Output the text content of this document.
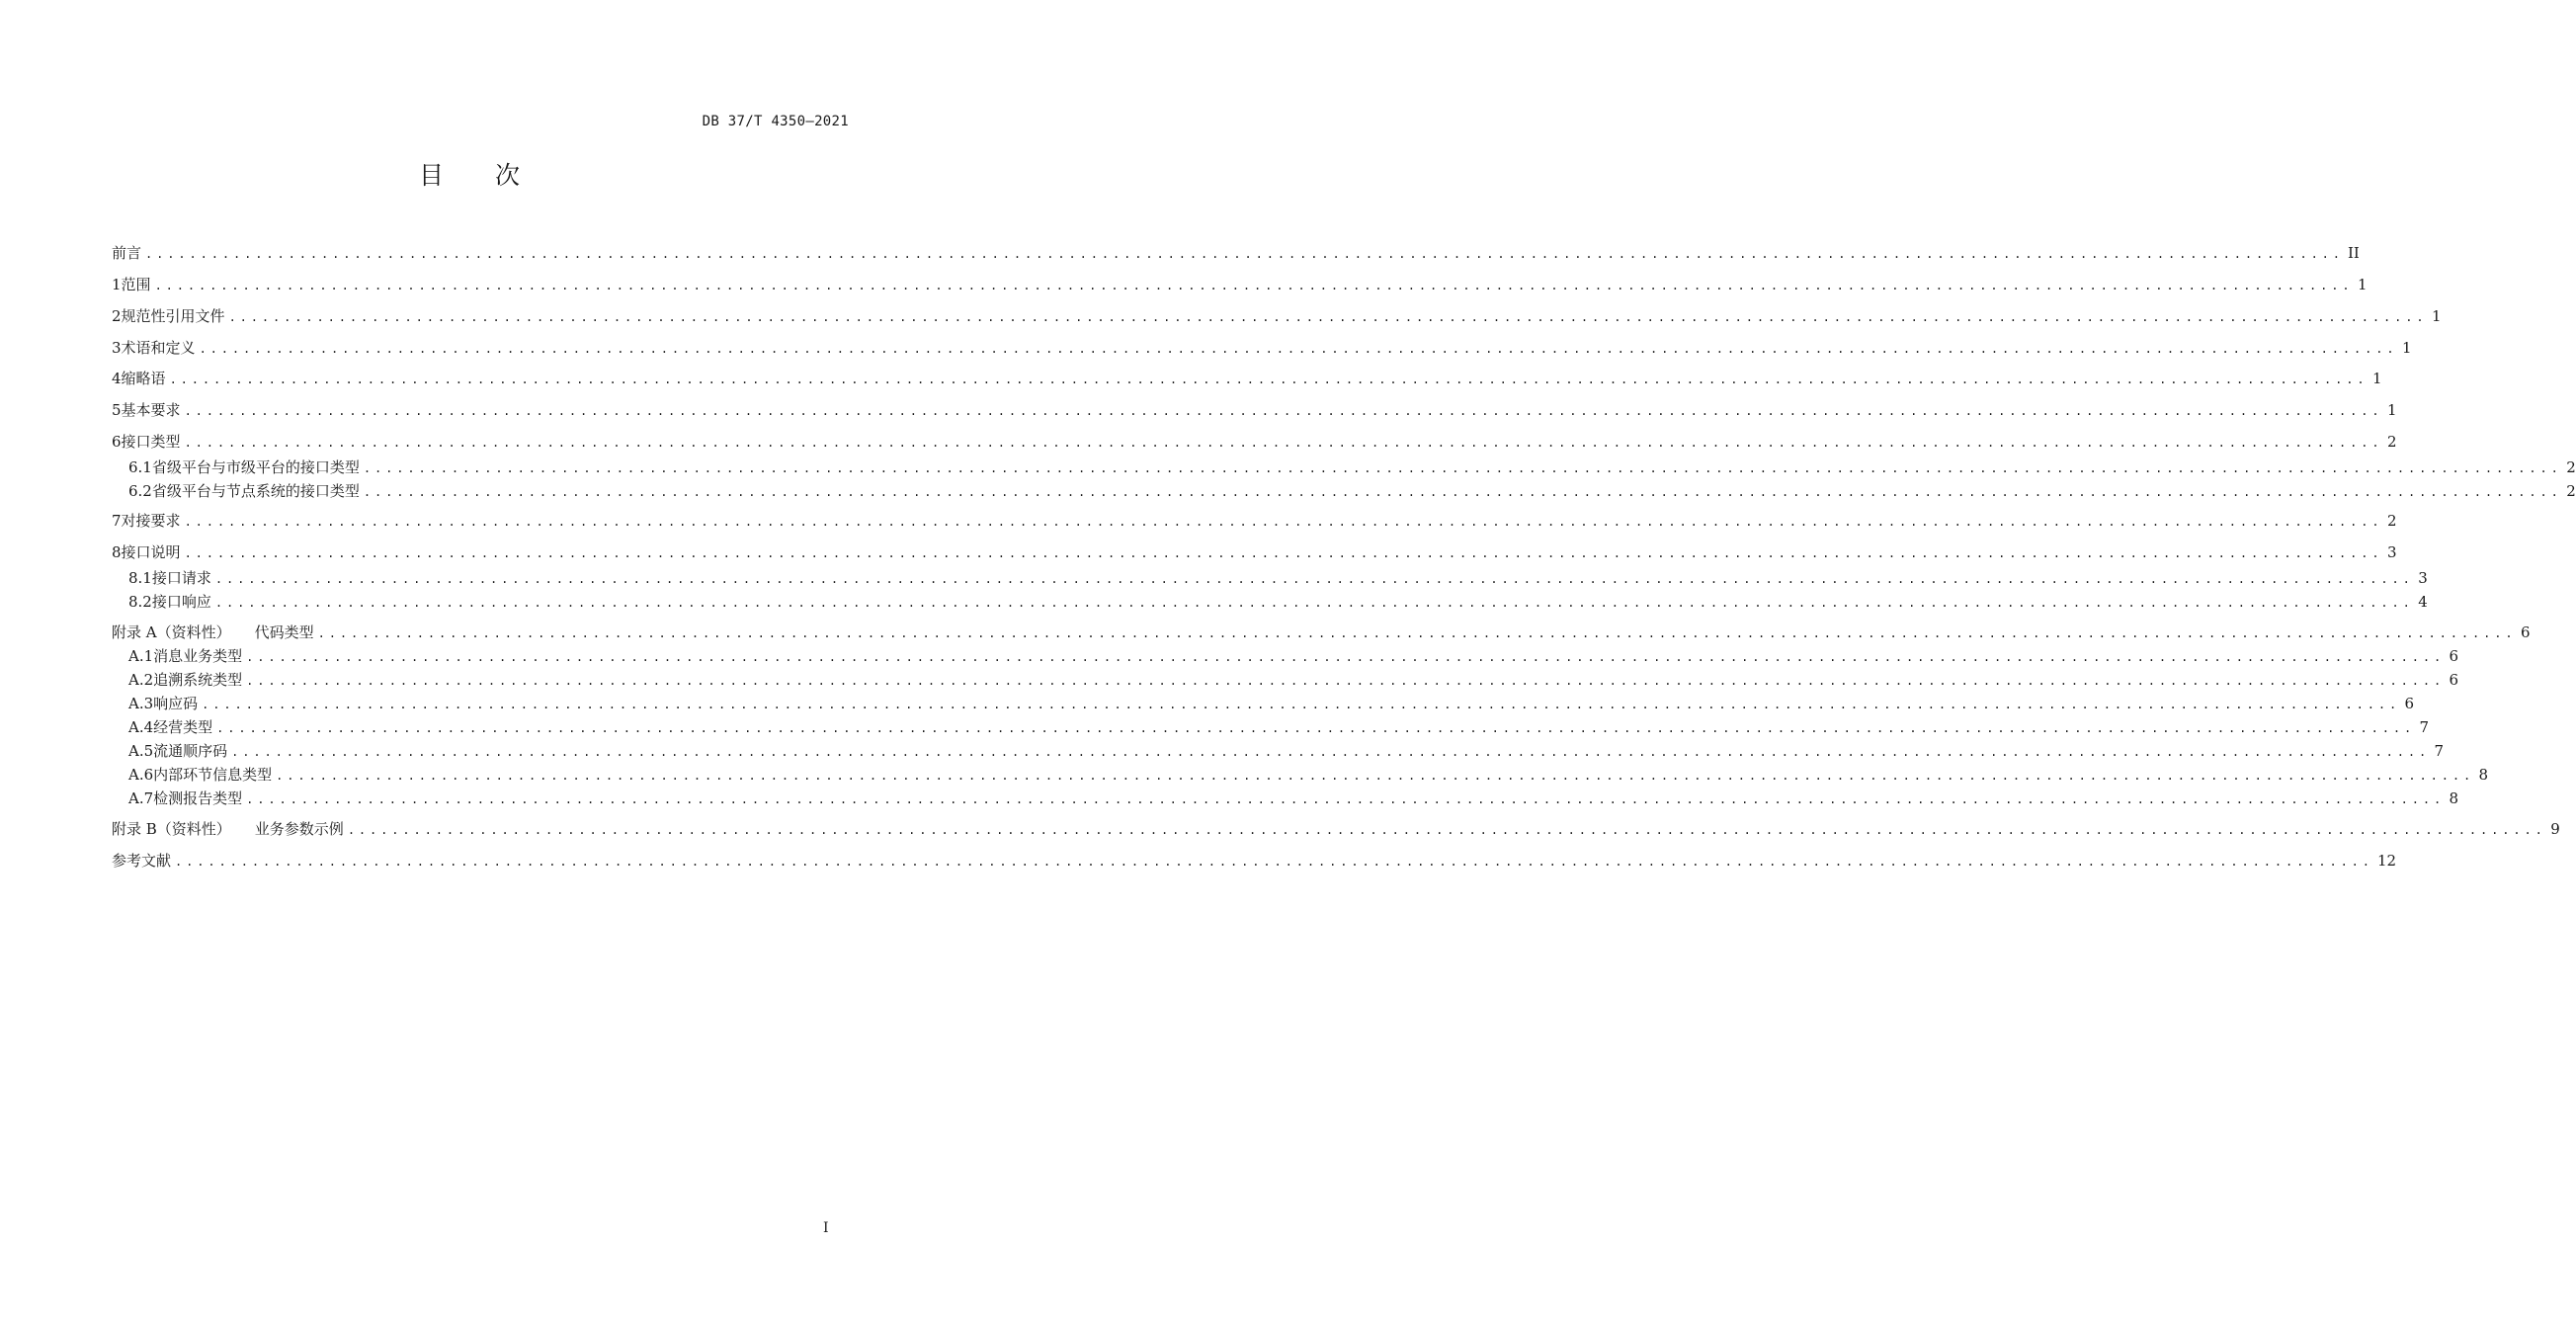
DB 37/T 4350—2021
目 次
前言 ........................................................................................................................................................................................................ II
1 范围 ........................................................................................................................................................................................................ 1
2 规范性引用文件 ........................................................................................................................................................................................................ 1
3 术语和定义 ........................................................................................................................................................................................................ 1
4 缩略语 ........................................................................................................................................................................................................ 1
5 基本要求 ........................................................................................................................................................................................................ 1
6 接口类型 ........................................................................................................................................................................................................ 2
6.1 省级平台与市级平台的接口类型 ........................................................................................................................................................................................................ 2
6.2 省级平台与节点系统的接口类型 ........................................................................................................................................................................................................ 2
7 对接要求 ........................................................................................................................................................................................................ 2
8 接口说明 ........................................................................................................................................................................................................ 3
8.1 接口请求 ........................................................................................................................................................................................................ 3
8.2 接口响应 ........................................................................................................................................................................................................ 4
附录 A（资料性） 代码类型 ........................................................................................................................................................................................................ 6
A.1 消息业务类型 ........................................................................................................................................................................................................ 6
A.2 追溯系统类型 ........................................................................................................................................................................................................ 6
A.3 响应码 ........................................................................................................................................................................................................ 6
A.4 经营类型 ........................................................................................................................................................................................................ 7
A.5 流通顺序码 ........................................................................................................................................................................................................ 7
A.6 内部环节信息类型 ........................................................................................................................................................................................................ 8
A.7 检测报告类型 ........................................................................................................................................................................................................ 8
附录 B（资料性） 业务参数示例 ........................................................................................................................................................................................................ 9
参考文献 ........................................................................................................................................................................................................ 12
I
